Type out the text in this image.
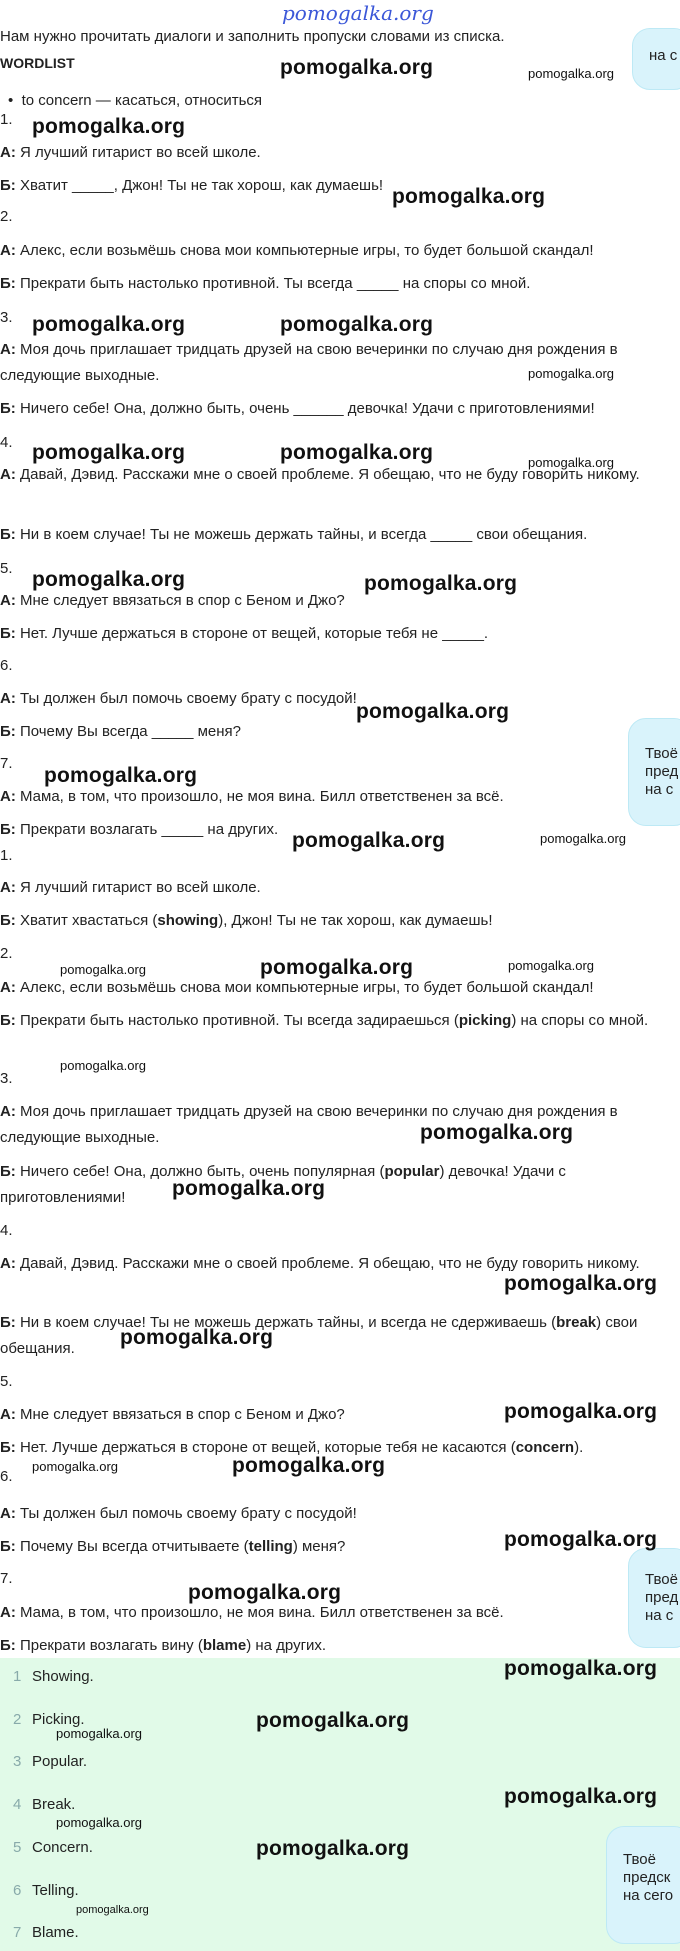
pomogalka.org
Нам нужно прочитать диалоги и заполнить пропуски словами из списка.
WORDLIST
•  to concern — касаться, относиться
на с
1.
А: Я лучший гитарист во всей школе.
Б: Хватит _____, Джон! Ты не так хорош, как думаешь!
2.
А: Алекс, если возьмёшь снова мои компьютерные игры, то будет большой скандал!
Б: Прекрати быть настолько противной. Ты всегда _____ на споры со мной.
3.
А: Моя дочь приглашает тридцать друзей на свою вечеринки по случаю дня рождения в следующие выходные.
Б: Ничего себе! Она, должно быть, очень ______ девочка! Удачи с приготовлениями!
4.
А: Давай, Дэвид. Расскажи мне о своей проблеме. Я обещаю, что не буду говорить никому.
Б: Ни в коем случае! Ты не можешь держать тайны, и всегда _____ свои обещания.
5.
А: Мне следует ввязаться в спор с Беном и Джо?
Б: Нет. Лучше держаться в стороне от вещей, которые тебя не _____.
6.
А: Ты должен был помочь своему брату с посудой!
Б: Почему Вы всегда _____ меня?
7.
А: Мама, в том, что произошло, не моя вина. Билл ответственен за всё.
Б: Прекрати возлагать _____ на других.
Твоё
пред
на с
1.
А: Я лучший гитарист во всей школе.
Б: Хватит хвастаться (showing), Джон! Ты не так хорош, как думаешь!
2.
А: Алекс, если возьмёшь снова мои компьютерные игры, то будет большой скандал!
Б: Прекрати быть настолько противной. Ты всегда задираешься (picking) на споры со мной.
3.
А: Моя дочь приглашает тридцать друзей на свою вечеринки по случаю дня рождения в следующие выходные.
Б: Ничего себе! Она, должно быть, очень популярная (popular) девочка! Удачи с приготовлениями!
4.
А: Давай, Дэвид. Расскажи мне о своей проблеме. Я обещаю, что не буду говорить никому.
Б: Ни в коем случае! Ты не можешь держать тайны, и всегда не сдерживаешь (break) свои обещания.
5.
А: Мне следует ввязаться в спор с Беном и Джо?
Б: Нет. Лучше держаться в стороне от вещей, которые тебя не касаются (concern).
6.
А: Ты должен был помочь своему брату с посудой!
Б: Почему Вы всегда отчитываете (telling) меня?
7.
А: Мама, в том, что произошло, не моя вина. Билл ответственен за всё.
Б: Прекрати возлагать вину (blame) на других.
Твоё
пред
на с
1 Showing.
2 Picking.
3 Popular.
4 Break.
5 Concern.
6 Telling.
7 Blame.
Твоё
предск
на сего
pomogalka.org	pomogalka.org
pomogalka.org
pomogalka.org
pomogalka.org	pomogalka.org
pomogalka.org
pomogalka.org	pomogalka.org	pomogalka.org
pomogalka.org	pomogalka.org
pomogalka.org
pomogalka.org
pomogalka.org	pomogalka.org
pomogalka.org	pomogalka.org	pomogalka.org
pomogalka.org
pomogalka.org
pomogalka.org
pomogalka.org
pomogalka.org
pomogalka.org
pomogalka.org	pomogalka.org
pomogalka.org
pomogalka.org
pomogalka.org
pomogalka.org
pomogalka.org
pomogalka.org
pomogalka.org
pomogalka.org
pomogalka.org
